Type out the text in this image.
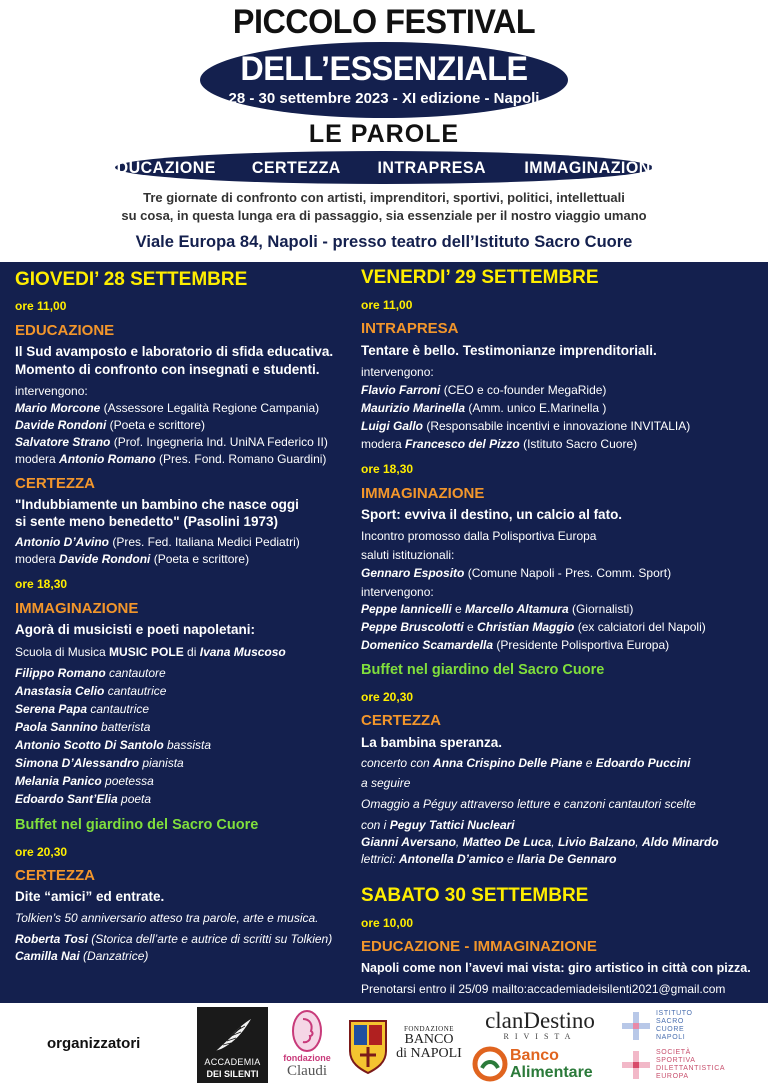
PICCOLO FESTIVAL
DELL’ESSENZIALE
28 - 30 settembre 2023 - XI edizione - Napoli
LE PAROLE
EDUCAZIONE CERTEZZA INTRAPRESA IMMAGINAZIONE
Tre giornate di confronto con artisti, imprenditori, sportivi, politici, intellettuali
su cosa, in questa lunga era di passaggio, sia essenziale per il nostro viaggio umano
Viale Europa 84, Napoli - presso teatro dell’Istituto Sacro Cuore
GIOVEDI’ 28 SETTEMBRE
ore 11,00
EDUCAZIONE
Il Sud avamposto e laboratorio di sfida educativa.
Momento di confronto con insegnati e studenti.
intervengono:
Mario Morcone (Assessore Legalità Regione Campania)
Davide Rondoni (Poeta e scrittore)
Salvatore Strano (Prof. Ingegneria Ind. UniNA Federico II)
modera Antonio Romano (Pres. Fond. Romano Guardini)
CERTEZZA
"Indubbiamente un bambino che nasce oggi
si sente meno benedetto" (Pasolini 1973)
Antonio D’Avino (Pres. Fed. Italiana Medici Pediatri)
modera Davide Rondoni (Poeta e scrittore)
ore 18,30
IMMAGINAZIONE
Agorà di musicisti e poeti napoletani:
Scuola di Musica MUSIC POLE di Ivana Muscoso
Filippo Romano cantautore
Anastasia Celio cantautrice
Serena Papa cantautrice
Paola Sannino batterista
Antonio Scotto Di Santolo bassista
Simona D’Alessandro pianista
Melania Panico poetessa
Edoardo Sant’Elia poeta
Buffet nel giardino del Sacro Cuore
ore 20,30
CERTEZZA
Dite “amici” ed entrate.
Tolkien’s 50 anniversario atteso tra parole, arte e musica.
Roberta Tosi (Storica dell’arte e autrice di scritti su Tolkien)
Camilla Nai (Danzatrice)
VENERDI’ 29 SETTEMBRE
ore 11,00
INTRAPRESA
Tentare è bello. Testimonianze imprenditoriali.
intervengono:
Flavio Farroni (CEO e co-founder MegaRide)
Maurizio Marinella (Amm. unico E.Marinella )
Luigi Gallo (Responsabile incentivi e innovazione INVITALIA)
modera Francesco del Pizzo (Istituto Sacro Cuore)
ore 18,30
IMMAGINAZIONE
Sport: evviva il destino, un calcio al fato.
Incontro promosso dalla Polisportiva Europa
saluti istituzionali:
Gennaro Esposito (Comune Napoli - Pres. Comm. Sport)
intervengono:
Peppe Iannicelli e Marcello Altamura (Giornalisti)
Peppe Bruscolotti e Christian Maggio (ex calciatori del Napoli)
Domenico Scamardella (Presidente Polisportiva Europa)
Buffet nel giardino del Sacro Cuore
ore 20,30
CERTEZZA
La bambina speranza.
concerto con Anna Crispino Delle Piane e Edoardo Puccini
a seguire
Omaggio a Péguy attraverso letture e canzoni cantautori scelte
con i Peguy Tattici Nucleari
Gianni Aversano, Matteo De Luca, Livio Balzano, Aldo Minardo
lettrici: Antonella D’amico e Ilaria De Gennaro
SABATO 30 SETTEMBRE
ore 10,00
EDUCAZIONE - IMMAGINAZIONE
Napoli come non l’avevi mai vista: giro artistico in città con pizza.
Prenotarsi entro il 25/09 mailto:accademiadeisilenti2021@gmail.com
organizzatori
ACCADEMIA
DEI SILENTI
fondazione
Claudi
FONDAZIONE
BANCO
di NAPOLI
clanDestino
RIVISTA
Banco
Alimentare
ISTITUTO
SACRO
CUORE
NAPOLI
SOCIETÀ
SPORTIVA
DILETTANTISTICA
EUROPA
